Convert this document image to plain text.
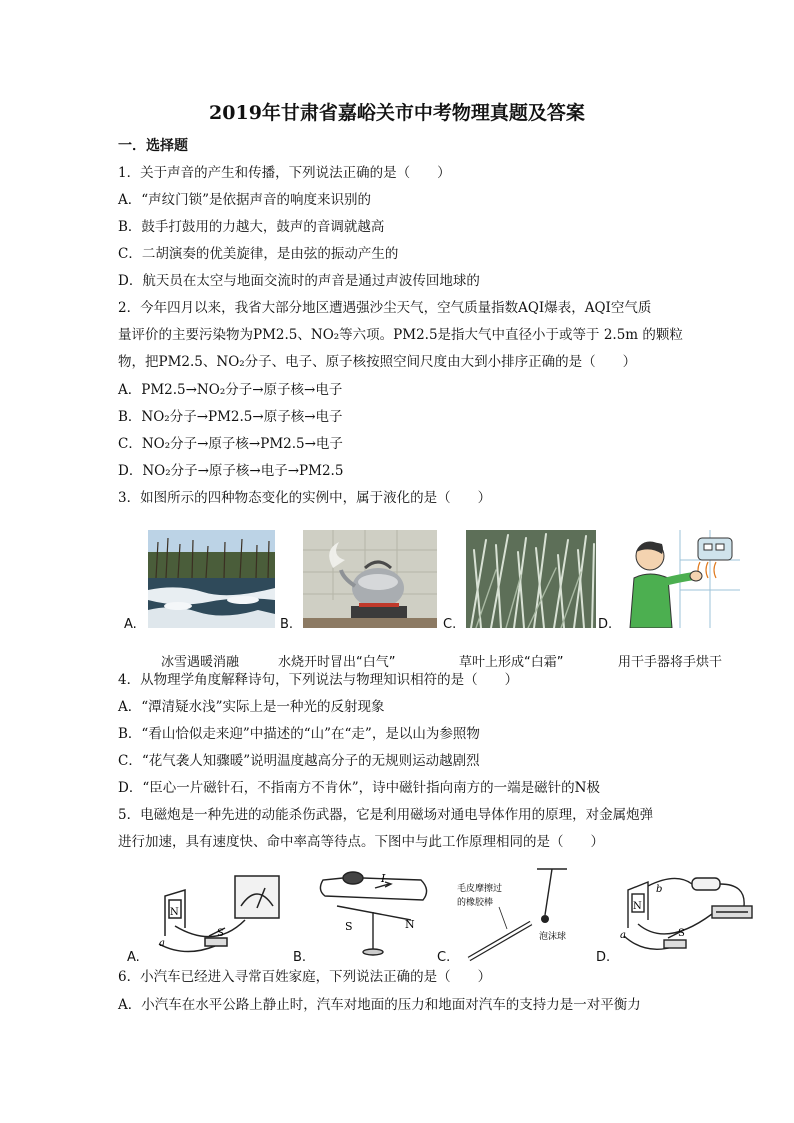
2019年甘肃省嘉峪关市中考物理真题及答案
一．选择题
1．关于声音的产生和传播，下列说法正确的是（　　）
A．“声纹门锁”是依据声音的响度来识别的
B．鼓手打鼓用的力越大，鼓声的音调就越高
C．二胡演奏的优美旋律，是由弦的振动产生的
D．航天员在太空与地面交流时的声音是通过声波传回地球的
2．今年四月以来，我省大部分地区遭遇强沙尘天气，空气质量指数AQI爆表，AQI空气质
量评价的主要污染物为PM2.5、NO₂等六项。PM2.5是指大气中直径小于或等于 2.5m 的颗粒
物，把PM2.5、NO₂分子、电子、原子核按照空间尺度由大到小排序正确的是（　　）
A．PM2.5→NO₂分子→原子核→电子
B．NO₂分子→PM2.5→原子核→电子
C．NO₂分子→原子核→PM2.5→电子
D．NO₂分子→原子核→电子→PM2.5
3．如图所示的四种物态变化的实例中，属于液化的是（　　）
A.	B.	C.	D.
冰雪遇暖消融	水烧开时冒出“白气”	草叶上形成“白霜”	用干手器将手烘干
4．从物理学角度解释诗句，下列说法与物理知识相符的是（　　）
A．“潭清疑水浅”实际上是一种光的反射现象
B．“看山恰似走来迎”中描述的“山”在“走”，是以山为参照物
C．“花气袭人知骤暖”说明温度越高分子的无规则运动越剧烈
D．“臣心一片磁针石，不指南方不肯休”，诗中磁针指向南方的一端是磁针的N极
5．电磁炮是一种先进的动能杀伤武器，它是利用磁场对通电导体作用的原理，对金属炮弹
进行加速，具有速度快、命中率高等待点。下图中与此工作原理相同的是（　　）
A.
N
a
S
B.
I
S	N
C.
毛皮摩擦过
的橡胶棒
泡沫球
D.
N
b
a	S
6．小汽车已经进入寻常百姓家庭，下列说法正确的是（　　）
A．小汽车在水平公路上静止时，汽车对地面的压力和地面对汽车的支持力是一对平衡力
